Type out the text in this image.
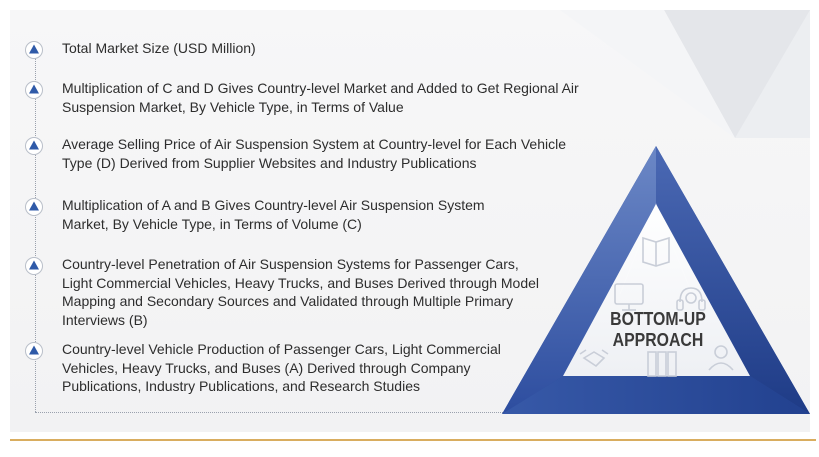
Total Market Size (USD Million)

Multiplication of C and D Gives Country-level Market and Added to Get Regional Air
Suspension Market, By Vehicle Type, in Terms of Value

Average Selling Price of Air Suspension System at Country-level for Each Vehicle
Type (D) Derived from Supplier Websites and Industry Publications

Multiplication of A and B Gives Country-level Air Suspension System
Market, By Vehicle Type, in Terms of Volume (C)

Country-level Penetration of Air Suspension Systems for Passenger Cars,
Light Commercial Vehicles, Heavy Trucks, and Buses Derived through Model
Mapping and Secondary Sources and Validated through Multiple Primary
Interviews (B)

Country-level Vehicle Production of Passenger Cars, Light Commercial
Vehicles, Heavy Trucks, and Buses (A) Derived through Company
Publications, Industry Publications, and Research Studies

BOTTOM-UP
APPROACH
